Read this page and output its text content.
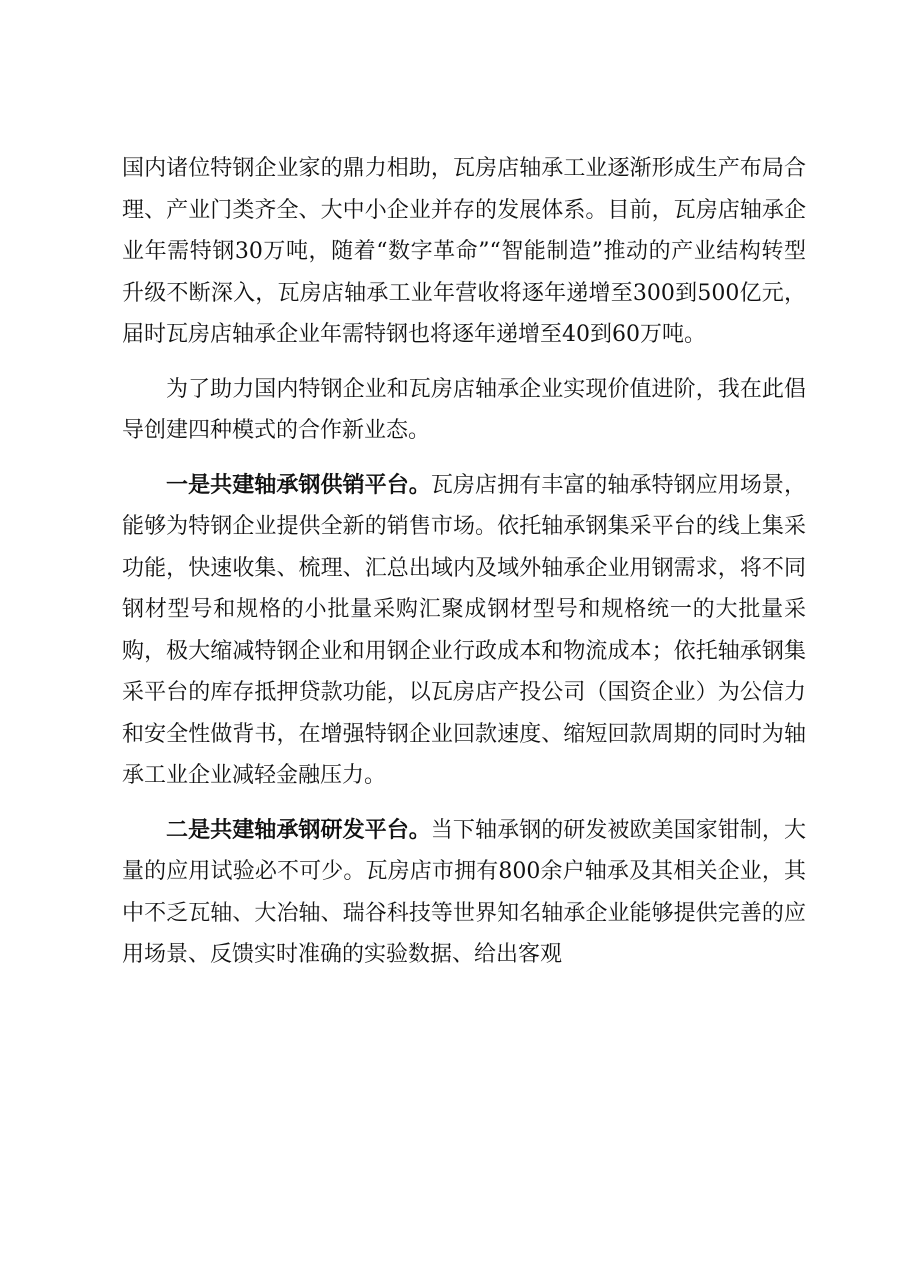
国内诸位特钢企业家的鼎力相助，瓦房店轴承工业逐渐形成生产布局合理、产业门类齐全、大中小企业并存的发展体系。目前，瓦房店轴承企业年需特钢30万吨，随着“数字革命”“智能制造”推动的产业结构转型升级不断深入，瓦房店轴承工业年营收将逐年递增至300到500亿元，届时瓦房店轴承企业年需特钢也将逐年递增至40到60万吨。

为了助力国内特钢企业和瓦房店轴承企业实现价值进阶，我在此倡导创建四种模式的合作新业态。

一是共建轴承钢供销平台。瓦房店拥有丰富的轴承特钢应用场景，能够为特钢企业提供全新的销售市场。依托轴承钢集采平台的线上集采功能，快速收集、梳理、汇总出域内及域外轴承企业用钢需求，将不同钢材型号和规格的小批量采购汇聚成钢材型号和规格统一的大批量采购，极大缩减特钢企业和用钢企业行政成本和物流成本；依托轴承钢集采平台的库存抵押贷款功能，以瓦房店产投公司（国资企业）为公信力和安全性做背书，在增强特钢企业回款速度、缩短回款周期的同时为轴承工业企业减轻金融压力。

二是共建轴承钢研发平台。当下轴承钢的研发被欧美国家钳制，大量的应用试验必不可少。瓦房店市拥有800余户轴承及其相关企业，其中不乏瓦轴、大冶轴、瑞谷科技等世界知名轴承企业能够提供完善的应用场景、反馈实时准确的实验数据、给出客观
